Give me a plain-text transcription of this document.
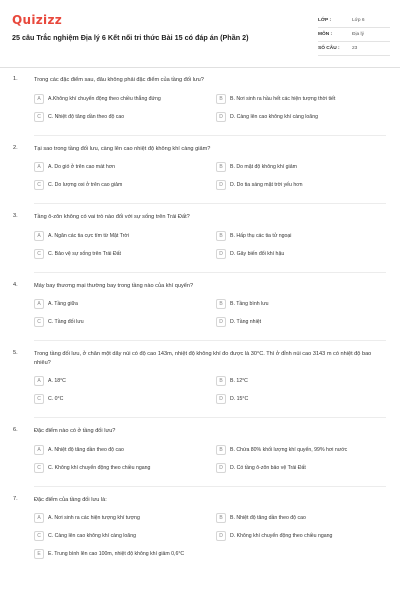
Quizizz
25 câu Trắc nghiệm Địa lý 6 Kết nối tri thức Bài 15 có đáp án (Phần 2)
LỚP :	Lớp 6
MÔN :	Địa lý
SỐ CÂU :	23
1.	Trong các đặc điểm sau, đâu không phải đặc điểm của tầng đối lưu?
A	A.Không khí chuyển động theo chiều thẳng đứng	B	B. Nơi sinh ra hầu hết các hiện tượng thời tiết
C	C. Nhiệt độ tăng dần theo độ cao	D	D. Càng lên cao không khí càng loãng
2.	Tại sao trong tầng đối lưu, càng lên cao nhiệt độ không khí càng giảm?
A	A. Do gió ở trên cao mát hơn	B	B. Do mặt độ không khí giảm
C	C. Do lượng oxi ở trên cao giảm	D	D. Do tia sáng mặt trời yếu hơn
3.	Tầng ô-zôn không có vai trò nào đối với sự sống trên Trái Đất?
A	A. Ngăn các tia cực tím từ Mặt Trời	B	B. Hấp thụ các tia tử ngoại
C	C. Bảo vệ sự sống trên Trái Đất	D	D. Gây biến đổi khí hậu
4.	Máy bay thương mại thường bay trong tầng nào của khí quyển?
A	A. Tầng giữa	B	B. Tầng bình lưu
C	C. Tầng đối lưu	D	D. Tầng nhiệt
5.	Trong tầng đối lưu, ở chân một dãy núi có độ cao 143m, nhiệt độ không khí đo được là 30°C. Thì ở đỉnh núi cao 3143 m có nhiệt độ bao nhiêu?
A	A. 18°C	B	B. 12°C
C	C. 0°C	D	D. 15°C
6.	Đặc điểm nào có ở tầng đối lưu?
A	A. Nhiệt độ tăng dần theo độ cao	B	B. Chứa 80% khối lượng khí quyển, 99% hơi nước
C	C. Không khí chuyển động theo chiều ngang	D	D. Có tầng ô-zôn bảo vệ Trái Đất
7.	Đặc điểm của tầng đối lưu là:
A	A. Nơi sinh ra các hiện tượng khí tượng	B	B. Nhiệt độ tăng dần theo độ cao
C	C. Càng lên cao không khí càng loãng	D	D. Không khí chuyển động theo chiều ngang
E	E. Trung bình lên cao 100m, nhiệt độ không khí giảm 0,6°C
